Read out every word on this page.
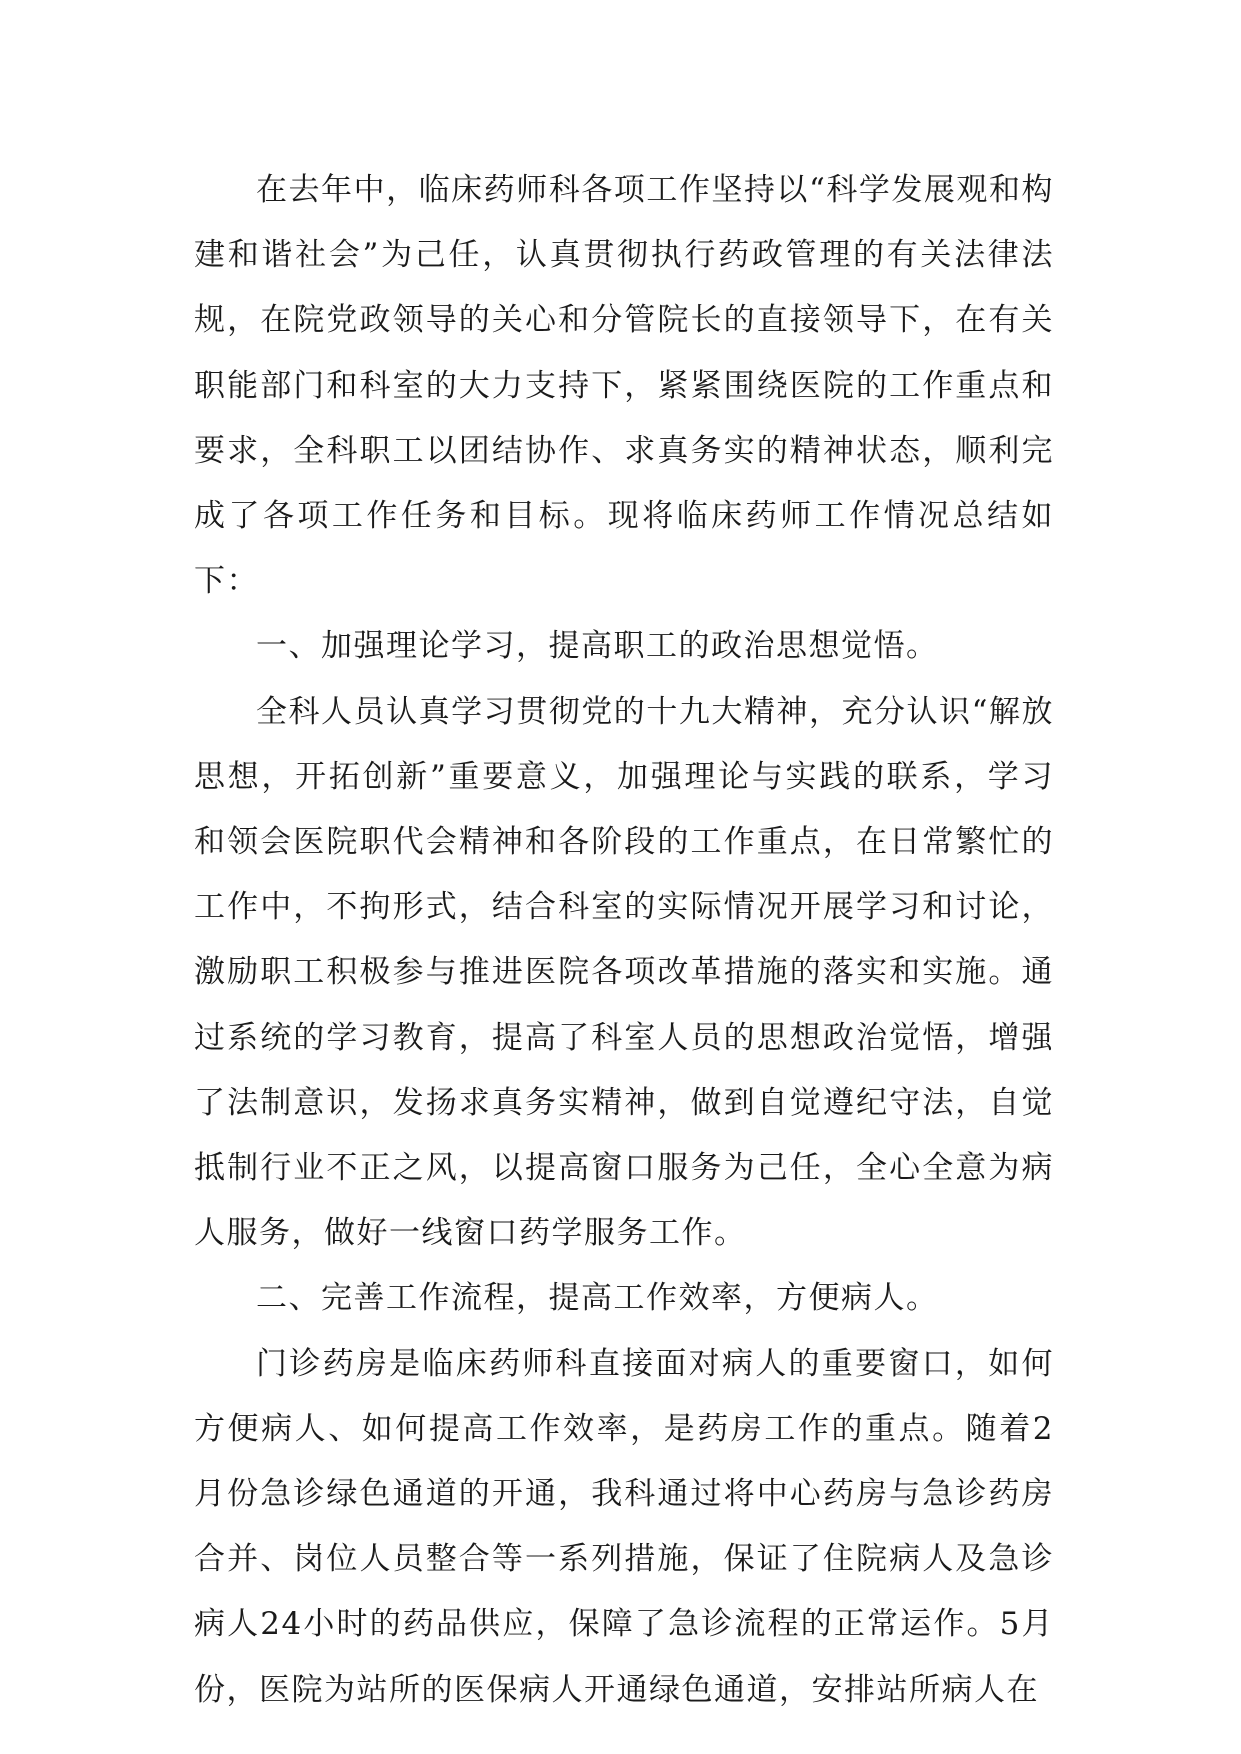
在去年中，临床药师科各项工作坚持以“科学发展观和构建和谐社会”为己任，认真贯彻执行药政管理的有关法律法规，在院党政领导的关心和分管院长的直接领导下，在有关职能部门和科室的大力支持下，紧紧围绕医院的工作重点和要求，全科职工以团结协作、求真务实的精神状态，顺利完成了各项工作任务和目标。现将临床药师工作情况总结如下：

一、加强理论学习，提高职工的政治思想觉悟。

全科人员认真学习贯彻党的十九大精神，充分认识“解放思想，开拓创新”重要意义，加强理论与实践的联系，学习和领会医院职代会精神和各阶段的工作重点，在日常繁忙的工作中，不拘形式，结合科室的实际情况开展学习和讨论，激励职工积极参与推进医院各项改革措施的落实和实施。通过系统的学习教育，提高了科室人员的思想政治觉悟，增强了法制意识，发扬求真务实精神，做到自觉遵纪守法，自觉抵制行业不正之风，以提高窗口服务为己任，全心全意为病人服务，做好一线窗口药学服务工作。

二、完善工作流程，提高工作效率，方便病人。

门诊药房是临床药师科直接面对病人的重要窗口，如何方便病人、如何提高工作效率，是药房工作的重点。随着2月份急诊绿色通道的开通，我科通过将中心药房与急诊药房合并、岗位人员整合等一系列措施，保证了住院病人及急诊病人24小时的药品供应，保障了急诊流程的正常运作。5月份，医院为站所的医保病人开通绿色通道，安排站所病人在
